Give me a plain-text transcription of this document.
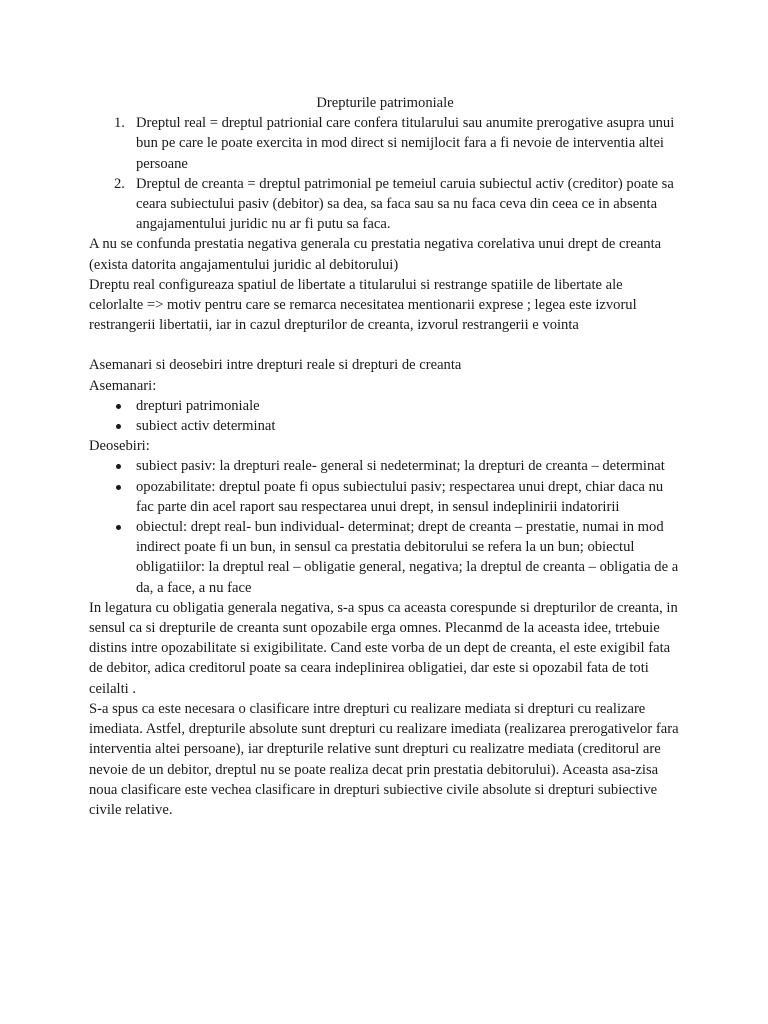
Drepturile patrimoniale

1. Dreptul real = dreptul patrionial care confera titularului sau anumite prerogative asupra unui bun pe care le poate exercita in mod direct si nemijlocit fara a fi nevoie de interventia altei persoane
2. Dreptul de creanta = dreptul patrimonial pe temeiul caruia subiectul activ (creditor) poate sa ceara subiectului pasiv (debitor) sa dea, sa faca sau sa nu faca ceva din ceea ce in absenta angajamentului juridic nu ar fi putu sa faca.

A nu se confunda prestatia negativa generala cu prestatia negativa corelativa unui drept de creanta (exista datorita angajamentului juridic al debitorului)

Dreptu real configureaza spatiul de libertate a titularului si restrange spatiile de libertate ale celorlalte => motiv pentru care se remarca necesitatea mentionarii exprese ; legea este izvorul restrangerii libertatii, iar in cazul drepturilor de creanta, izvorul restrangerii e vointa

Asemanari si deosebiri intre drepturi reale si drepturi de creanta

Asemanari:

drepturi patrimoniale
subiect activ determinat

Deosebiri:

subiect pasiv: la drepturi reale- general si nedeterminat; la drepturi de creanta – determinat
opozabilitate: dreptul poate fi opus subiectului pasiv; respectarea unui drept, chiar daca nu fac parte din acel raport sau respectarea unui drept, in sensul indeplinirii indatoririi
obiectul: drept real- bun individual- determinat; drept de creanta – prestatie, numai in mod indirect poate fi un bun, in sensul ca prestatia debitorului se refera la un bun; obiectul obligatiilor: la dreptul real – obligatie general, negativa; la dreptul de creanta – obligatia de a da, a face, a nu face

In legatura cu obligatia generala negativa, s-a spus ca aceasta corespunde si drepturilor de creanta, in sensul ca si drepturile de creanta sunt opozabile erga omnes. Plecanmd de la aceasta idee, trtebuie distins intre opozabilitate si exigibilitate. Cand este vorba de un dept de creanta, el este exigibil fata de debitor, adica creditorul poate sa ceara indeplinirea obligatiei, dar este si opozabil fata de toti ceilalti .

S-a spus ca este necesara o clasificare intre drepturi cu realizare mediata si drepturi cu realizare imediata. Astfel, drepturile absolute sunt drepturi cu realizare imediata (realizarea prerogativelor fara interventia altei persoane), iar drepturile relative sunt drepturi cu realizatre mediata (creditorul are nevoie de un debitor, dreptul nu se poate realiza decat prin prestatia debitorului). Aceasta asa-zisa noua clasificare este vechea clasificare in drepturi subiective civile absolute si drepturi subiective civile relative.
